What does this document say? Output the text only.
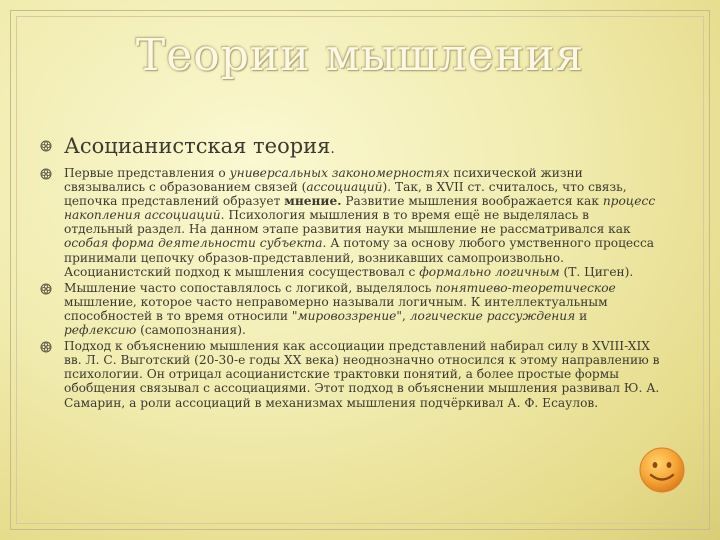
Теории мышления
Асоцианистская теория.
Первые представления о универсальных закономерностях психической жизни связывались с образованием связей (ассоциаций). Так, в XVII ст. считалось, что связь, цепочка представлений образует мнение. Развитие мышления воображается как процесс накопления ассоциаций. Психология мышления в то время ещё не выделялась в отдельный раздел. На данном этапе развития науки мышление не рассматривался как особая форма деятельности субъекта. А потому за основу любого умственного процесса принимали цепочку образов-представлений, возникавших самопроизвольно. Асоцианистский подход к мышления сосуществовал с формально логичным (Т. Циген).
Мышление часто сопоставлялось с логикой, выделялось понятиево-теоретическое мышление, которое часто неправомерно называли логичным. К интеллектуальным способностей в то время относили "мировоззрение", логические рассуждения и рефлексию (самопознания).
Подход к объяснению мышления как ассоциации представлений набирал силу в XVIII-XIX вв. Л. С. Выготский (20-30-е годы XX века) неоднозначно относился к этому направлению в психологии. Он отрицал асоцианистские трактовки понятий, а более простые формы обобщения связывал с ассоциациями. Этот подход в объяснении мышления развивал Ю. А. Самарин, а роли ассоциаций в механизмах мышления подчёркивал А. Ф. Есаулов.
